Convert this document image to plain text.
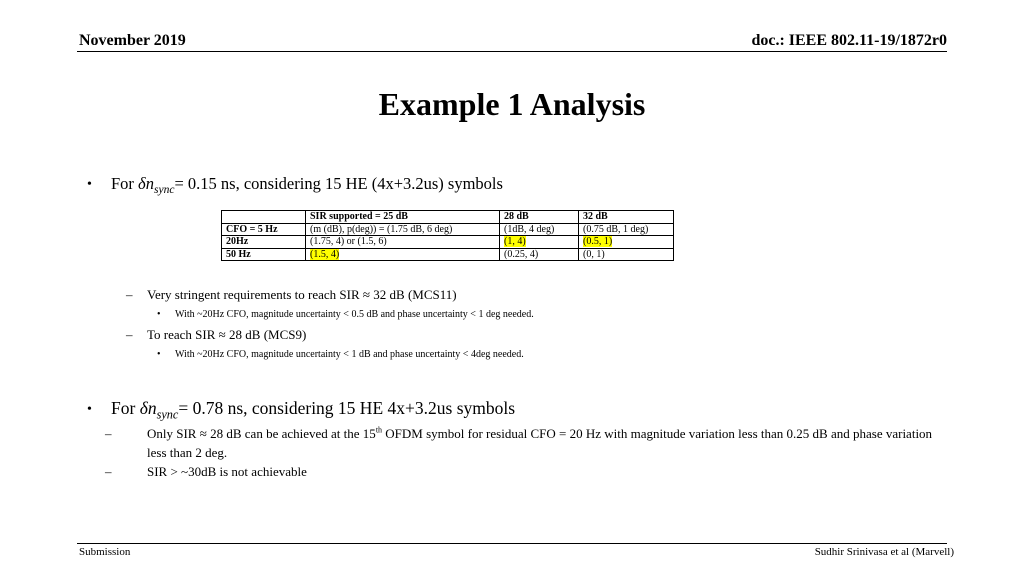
November 2019	doc.: IEEE 802.11-19/1872r0
Example 1 Analysis
• For $\delta n_{sync}= 0.15$ ns, considering 15 HE (4x+3.2us) symbols
	SIR supported = 25 dB	28 dB	32 dB
CFO = 5 Hz	(m (dB), p(deg)) = (1.75 dB, 6 deg)	(1dB, 4 deg)	(0.75 dB, 1 deg)
20Hz	(1.75, 4) or (1.5, 6)	(1, 4)	(0.5, 1)
50 Hz	(1.5, 4)	(0.25, 4)	(0, 1)
– Very stringent requirements to reach SIR ≈ 32 dB (MCS11)
• With ~20Hz CFO, magnitude uncertainty < 0.5 dB and phase uncertainty < 1 deg needed.
– To reach SIR ≈ 28 dB (MCS9)
• With ~20Hz CFO, magnitude uncertainty < 1 dB and phase uncertainty < 4deg needed.
• For $\delta n_{sync}= 0.78$ ns, considering 15 HE 4x+3.2us symbols
–	Only SIR ≈ 28 dB can be achieved at the 15th OFDM symbol for residual CFO = 20 Hz with magnitude variation less than 0.25 dB and phase variation less than 2 deg.
–	SIR > ~30dB is not achievable
Submission	Sudhir Srinivasa et al (Marvell)
